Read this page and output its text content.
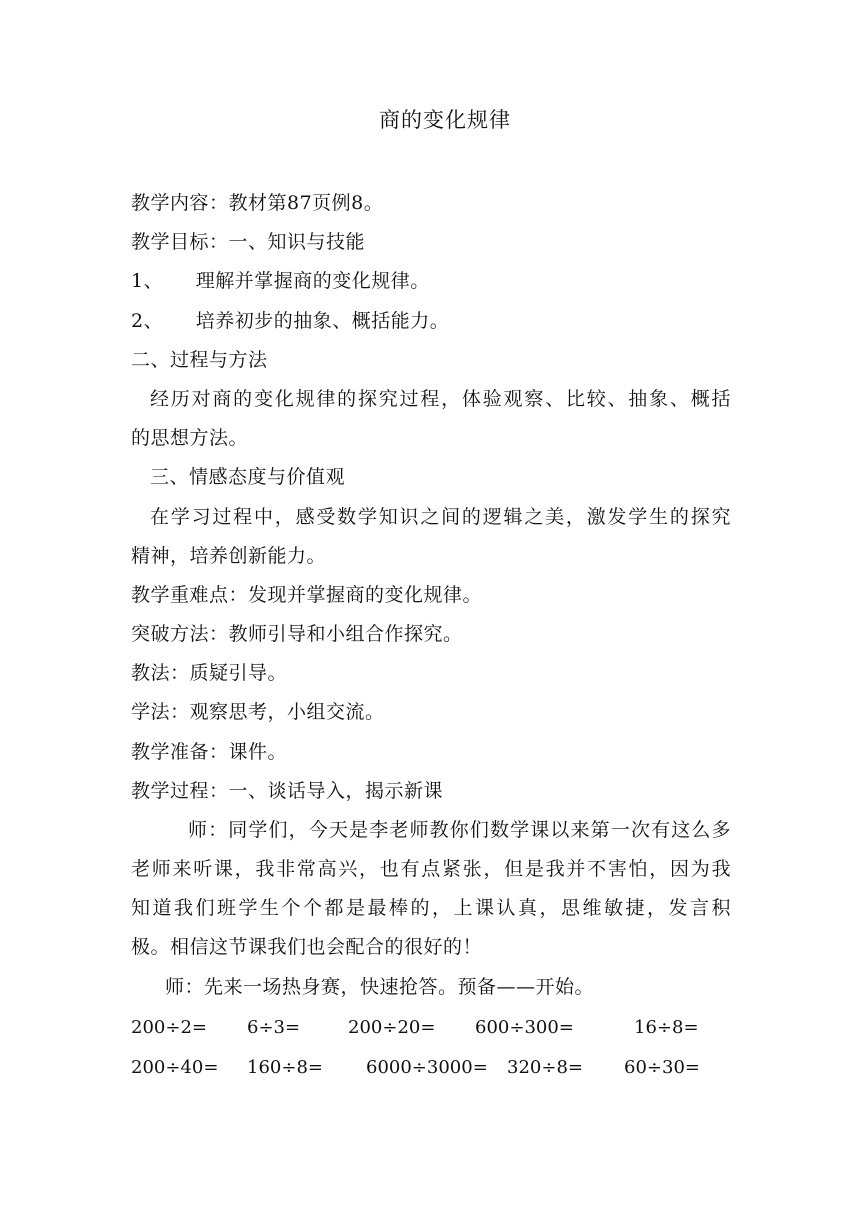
商的变化规律
教学内容：教材第87页例8。
教学目标：一、知识与技能
1、     理解并掌握商的变化规律。
2、     培养初步的抽象、概括能力。
二、过程与方法
经历对商的变化规律的探究过程，体验观察、比较、抽象、概括
的思想方法。
三、情感态度与价值观
在学习过程中，感受数学知识之间的逻辑之美，激发学生的探究
精神，培养创新能力。
教学重难点：发现并掌握商的变化规律。
突破方法：教师引导和小组合作探究。
教法：质疑引导。
学法：观察思考，小组交流。
教学准备：课件。
教学过程：一、谈话导入，揭示新课
师：同学们，今天是李老师教你们数学课以来第一次有这么多
老师来听课，我非常高兴，也有点紧张，但是我并不害怕，因为我
知道我们班学生个个都是最棒的，上课认真，思维敏捷，发言积
极。相信这节课我们也会配合的很好的！
师：先来一场热身赛，快速抢答。预备——开始。
200÷2= 6÷3=	200÷20= 600÷300=	16÷8=
200÷40= 160÷8= 6000÷3000= 320÷8= 60÷30=
